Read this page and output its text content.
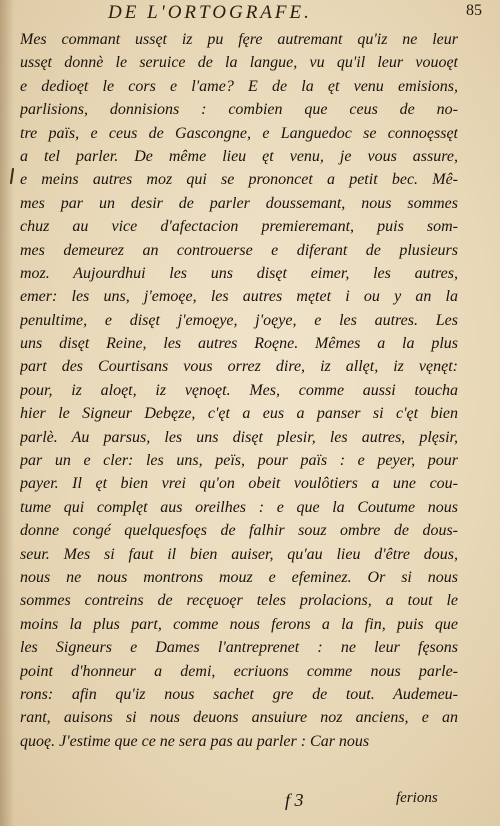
DE L'ORTOGRAFE.	85
Mes commant ussęt iz pu fęre autremant qu'iz ne leur
ussęt donnè le seruice de la langue, vu qu'il leur vouoęt
e dedioęt le cors e l'ame? E de la ęt venu emisions,
parlisions, donnisions : combien que ceus de no-
tre païs, e ceus de Gascongne, e Languedoc se connoęssęt
a tel parler. De même lieu ęt venu, je vous assure,
e meins autres moz qui se prononcet a petit bec. Mê-
mes par un desir de parler doussemant, nous sommes
chuz au vice d'afectacion premieremant, puis som-
mes demeurez an controuerse e diferant de plusieurs
moz. Aujourdhui les uns disęt eimer, les autres,
emer: les uns, j'emoęe, les autres mętet i ou y an la
penultime, e disęt j'emoęye, j'oęye, e les autres. Les
uns disęt Reine, les autres Roęne. Mêmes a la plus
part des Courtisans vous orrez dire, iz allęt, iz vęnęt:
pour, iz aloęt, iz vęnoęt. Mes, comme aussi toucha
hier le Signeur Debęze, c'ęt a eus a panser si c'ęt bien
parlè. Au parsus, les uns disęt plesir, les autres, plęsir,
par un e cler: les uns, peïs, pour païs : e peyer, pour
payer. Il ęt bien vrei qu'on obeit voulôtiers a une cou-
tume qui complęt aus oreilhes : e que la Coutume nous
donne congé quelquesfoęs de falhir souz ombre de dous-
seur. Mes si faut il bien auiser, qu'au lieu d'être dous,
nous ne nous montrons mouz e efeminez. Or si nous
sommes contreins de recęuoęr teles prolacions, a tout le
moins la plus part, comme nous ferons a la fin, puis que
les Signeurs e Dames l'antreprenet : ne leur fęsons
point d'honneur a demi, ecriuons comme nous parle-
rons: afin qu'iz nous sachet gre de tout. Audemeu-
rant, auisons si nous deuons ansuiure noz anciens, e an
quoę. J'estime que ce ne sera pas au parler : Car nous
f 3	ferions
